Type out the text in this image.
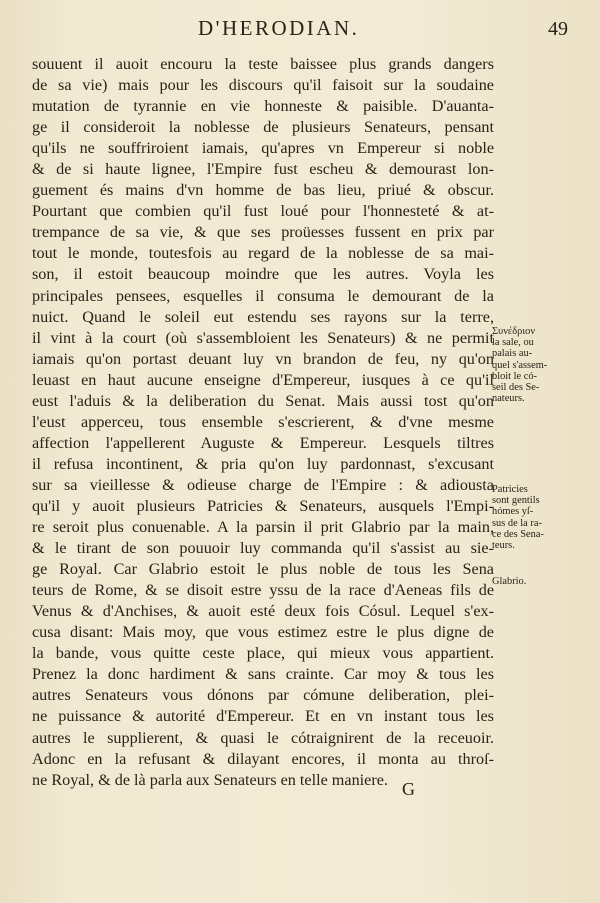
D'HERODIAN.	49
souuent il auoit encouru la teste baissee plus grands dangers
de sa vie) mais pour les discours qu'il faisoit sur la soudaine
mutation de tyrannie en vie honneste & paisible. D'auanta-
ge il consideroit la noblesse de plusieurs Senateurs, pensant
qu'ils ne souffriroient iamais, qu'apres vn Empereur si noble
& de si haute lignee, l'Empire fust escheu & demourast lon-
guement és mains d'vn homme de bas lieu, priué & obscur.
Pourtant que combien qu'il fust loué pour l'honnesteté & at-
trempance de sa vie, & que ses proüesses fussent en prix par
tout le monde, toutesfois au regard de la noblesse de sa mai-
son, il estoit beaucoup moindre que les autres. Voyla les
principales pensees, esquelles il consuma le demourant de la
nuict. Quand le soleil eut estendu ses rayons sur la terre,
il vint à la court (où s'assembloient les Senateurs) & ne permit
iamais qu'on portast deuant luy vn brandon de feu, ny qu'on
leuast en haut aucune enseigne d'Empereur, iusques à ce qu'il
eust l'aduis & la deliberation du Senat. Mais aussi tost qu'on
l'eust apperceu, tous ensemble s'escrierent, & d'vne mesme
affection l'appellerent Auguste & Empereur. Lesquels tiltres
il refusa incontinent, & pria qu'on luy pardonnast, s'excusant
sur sa vieillesse & odieuse charge de l'Empire : & adiousta
qu'il y auoit plusieurs Patricies & Senateurs, ausquels l'Empi-
re seroit plus conuenable. A la parsin il prit Glabrio par la main,
& le tirant de son pouuoir luy commanda qu'il s'assist au sie-
ge Royal. Car Glabrio estoit le plus noble de tous les Sena
teurs de Rome, & se disoit estre yssu de la race d'Aeneas fils de
Venus & d'Anchises, & auoit esté deux fois Cósul. Lequel s'ex-
cusa disant: Mais moy, que vous estimez estre le plus digne de
la bande, vous quitte ceste place, qui mieux vous appartient.
Prenez la donc hardiment & sans crainte. Car moy & tous les
autres Senateurs vous dónons par cómune deliberation, plei-
ne puissance & autorité d'Empereur. Et en vn instant tous les
autres le supplierent, & quasi le cótraignirent de la receuoir.
Adonc en la refusant & dilayant encores, il monta au throſ-
ne Royal, & de là parla aux Senateurs en telle maniere.
Συνέδριον
la sale, ou
palais au-
quel s'assem-
bloit le có-
seil des Se-
nateurs.
Patricies
sont gentils
hómes yſ-
sus de la ra-
ce des Sena-
teurs.
Glabrio.
G
